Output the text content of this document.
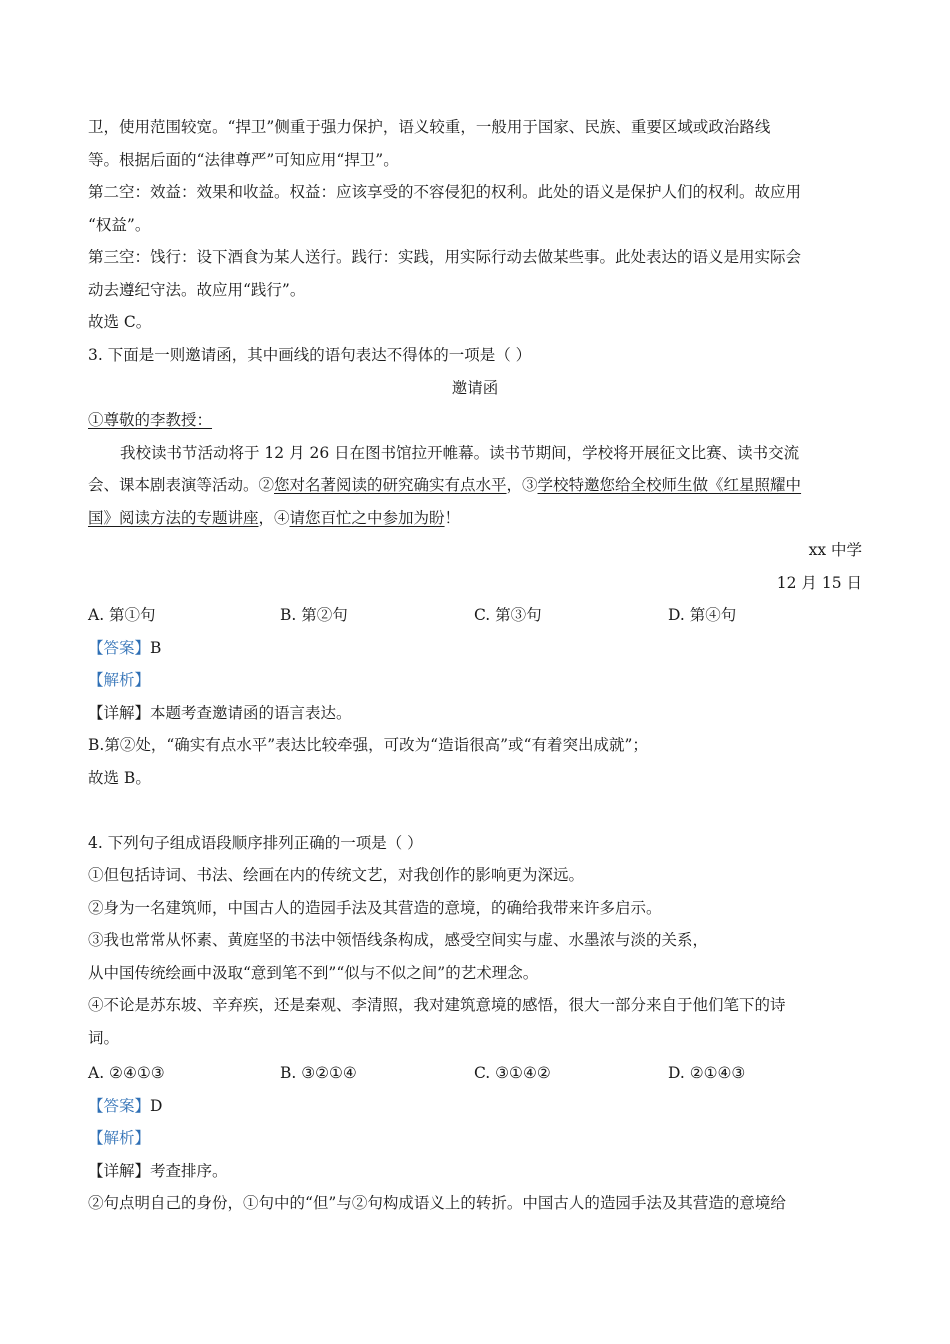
卫，使用范围较宽。“捍卫”侧重于强力保护，语义较重，一般用于国家、民族、重要区域或政治路线
等。根据后面的“法律尊严”可知应用“捍卫”。
第二空：效益：效果和收益。权益：应该享受的不容侵犯的权利。此处的语义是保护人们的权利。故应用
“权益”。
第三空：饯行：设下酒食为某人送行。践行：实践，用实际行动去做某些事。此处表达的语义是用实际会
动去遵纪守法。故应用“践行”。
故选 C。
3. 下面是一则邀请函，其中画线的语句表达不得体的一项是（ ）
邀请函
①尊敬的李教授：
我校读书节活动将于 12 月 26 日在图书馆拉开帷幕。读书节期间，学校将开展征文比赛、读书交流
会、课本剧表演等活动。②您对名著阅读的研究确实有点水平，③学校特邀您给全校师生做《红星照耀中
国》阅读方法的专题讲座，④请您百忙之中参加为盼！
xx 中学
12 月 15 日
A. 第①句	B. 第②句	C. 第③句	D. 第④句
【答案】B
【解析】
【详解】本题考查邀请函的语言表达。
B.第②处，“确实有点水平”表达比较牵强，可改为“造诣很高”或“有着突出成就”；
故选 B。
4. 下列句子组成语段顺序排列正确的一项是（ ）
①但包括诗词、书法、绘画在内的传统文艺，对我创作的影响更为深远。
②身为一名建筑师，中国古人的造园手法及其营造的意境，的确给我带来许多启示。
③我也常常从怀素、黄庭坚的书法中领悟线条构成，感受空间实与虚、水墨浓与淡的关系，
从中国传统绘画中汲取“意到笔不到”“似与不似之间”的艺术理念。
④不论是苏东坡、辛弃疾，还是秦观、李清照，我对建筑意境的感悟，很大一部分来自于他们笔下的诗
词。
A. ②④①③	B. ③②①④	C. ③①④②	D. ②①④③
【答案】D
【解析】
【详解】考查排序。
②句点明自己的身份，①句中的“但”与②句构成语义上的转折。中国古人的造园手法及其营造的意境给
